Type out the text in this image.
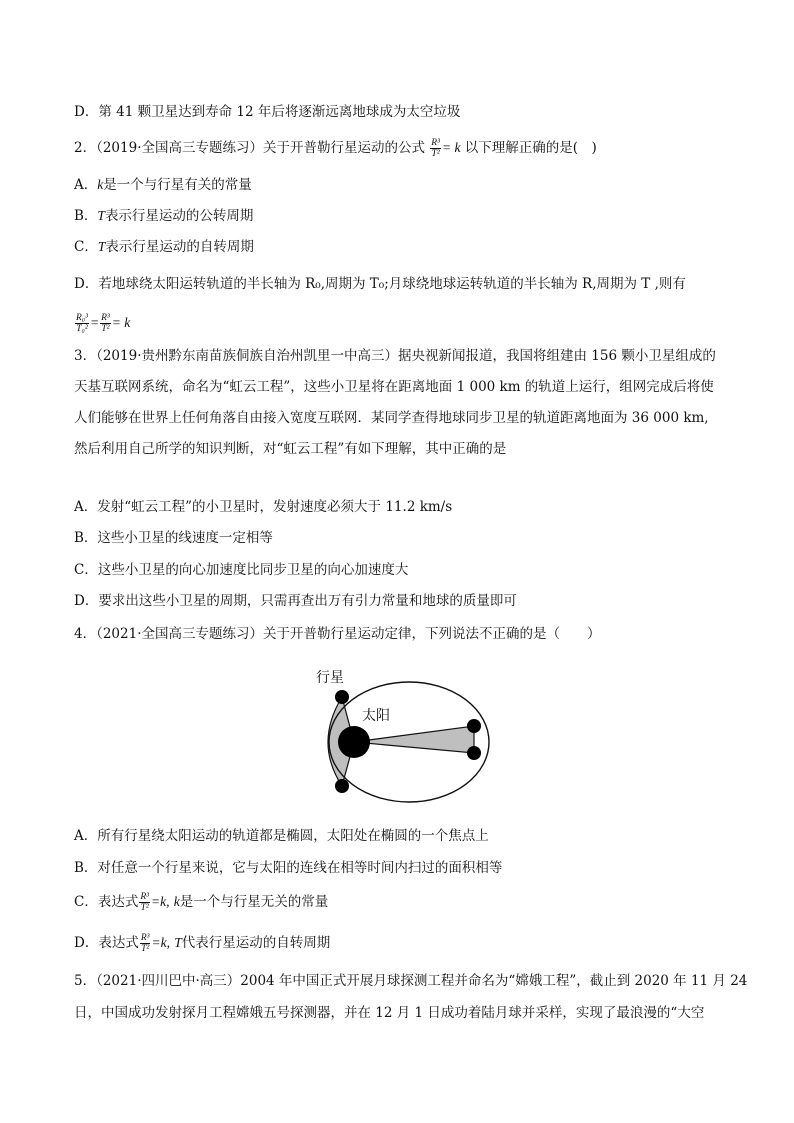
D．第 41 颗卫星达到寿命 12 年后将逐渐远离地球成为太空垃圾
2．（2019·全国高三专题练习）关于开普勒行星运动的公式 $\frac{\text{R³}}{\text{T²}} = k$ 以下理解正确的是(　)
A．k是一个与行星有关的常量
B．T表示行星运动的公转周期
C．T表示行星运动的自转周期
D．若地球绕太阳运转轨道的半长轴为 R₀,周期为 T₀;月球绕地球运转轨道的半长轴为 R,周期为 T ,则有
$\frac{\text{R₀³}}{\text{T₀²}} = \frac{\text{R³}}{\text{T²}} = k$
3．（2019·贵州黔东南苗族侗族自治州凯里一中高三）据央视新闻报道，我国将组建由 156 颗小卫星组成的
天基互联网系统，命名为“虹云工程”，这些小卫星将在距离地面 1 000 km 的轨道上运行，组网完成后将使
人们能够在世界上任何角落自由接入宽度互联网．某同学查得地球同步卫星的轨道距离地面为 36 000 km,
然后利用自己所学的知识判断，对“虹云工程”有如下理解，其中正确的是
A．发射“虹云工程”的小卫星时，发射速度必须大于 11.2 km/s
B．这些小卫星的线速度一定相等
C．这些小卫星的向心加速度比同步卫星的向心加速度大
D．要求出这些小卫星的周期，只需再查出万有引力常量和地球的质量即可
4．（2021·全国高三专题练习）关于开普勒行星运动定律，下列说法不正确的是（　　）
行星
太阳
A．所有行星绕太阳运动的轨道都是椭圆，太阳处在椭圆的一个焦点上
B．对任意一个行星来说，它与太阳的连线在相等时间内扫过的面积相等
C．表达式 $\frac{\text{R³}}{\text{T²}} =k$, k是一个与行星无关的常量
D．表达式 $\frac{\text{R³}}{\text{T²}} =k$, T代表行星运动的自转周期
5．（2021·四川巴中·高三）2004 年中国正式开展月球探测工程并命名为“嫦娥工程”，截止到 2020 年 11 月 24
日，中国成功发射探月工程嫦娥五号探测器，并在 12 月 1 日成功着陆月球并采样，实现了最浪漫的“大空
